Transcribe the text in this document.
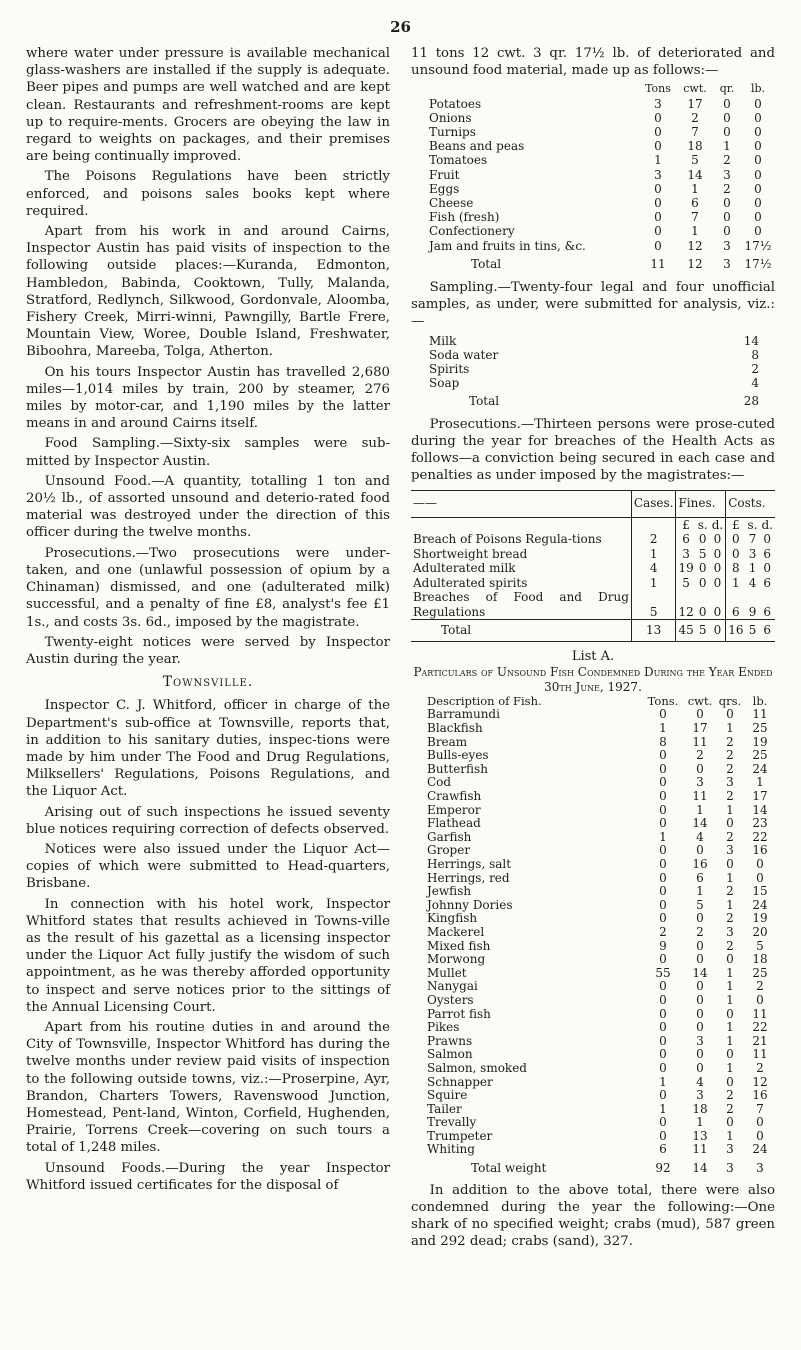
26

where water under pressure is available mechanical glass-washers are installed if the supply is adequate. Beer pipes and pumps are well watched and are kept clean. Restaurants and refreshment-rooms are kept up to require-ments. Grocers are obeying the law in regard to weights on packages, and their premises are being continually improved.

The Poisons Regulations have been strictly enforced, and poisons sales books kept where required.

Apart from his work in and around Cairns, Inspector Austin has paid visits of inspection to the following outside places:—Kuranda, Edmonton, Hambledon, Babinda, Cooktown, Tully, Malanda, Stratford, Redlynch, Silkwood, Gordonvale, Aloomba, Fishery Creek, Mirri-winni, Pawngilly, Bartle Frere, Mountain View, Woree, Double Island, Freshwater, Biboohra, Mareeba, Tolga, Atherton.

On his tours Inspector Austin has travelled 2,680 miles—1,014 miles by train, 200 by steamer, 276 miles by motor-car, and 1,190 miles by the latter means in and around Cairns itself.

Food Sampling.—Sixty-six samples were sub-mitted by Inspector Austin.

Unsound Food.—A quantity, totalling 1 ton and 20½ lb., of assorted unsound and deterio-rated food material was destroyed under the direction of this officer during the twelve months.

Prosecutions.—Two prosecutions were under-taken, and one (unlawful possession of opium by a Chinaman) dismissed, and one (adulterated milk) successful, and a penalty of fine £8, analyst's fee £1 1s., and costs 3s. 6d., imposed by the magistrate.

Twenty-eight notices were served by Inspector Austin during the year.

Townsville.

Inspector C. J. Whitford, officer in charge of the Department's sub-office at Townsville, reports that, in addition to his sanitary duties, inspec-tions were made by him under The Food and Drug Regulations, Milksellers' Regulations, Poisons Regulations, and the Liquor Act.

Arising out of such inspections he issued seventy blue notices requiring correction of defects observed.

Notices were also issued under the Liquor Act—copies of which were submitted to Head-quarters, Brisbane.

In connection with his hotel work, Inspector Whitford states that results achieved in Towns-ville as the result of his gazettal as a licensing inspector under the Liquor Act fully justify the wisdom of such appointment, as he was thereby afforded opportunity to inspect and serve notices prior to the sittings of the Annual Licensing Court.

Apart from his routine duties in and around the City of Townsville, Inspector Whitford has during the twelve months under review paid visits of inspection to the following outside towns, viz.:—Proserpine, Ayr, Brandon, Charters Towers, Ravenswood Junction, Homestead, Pent-land, Winton, Corfield, Hughenden, Prairie, Torrens Creek—covering on such tours a total of 1,248 miles.

Unsound Foods.—During the year Inspector Whitford issued certificates for the disposal of

11 tons 12 cwt. 3 qr. 17½ lb. of deteriorated and unsound food material, made up as follows:—

Tons	cwt.	qr.	lb.
Potatoes	3	17	0	0
Onions	0	2	0	0
Turnips	0	7	0	0
Beans and peas	0	18	1	0
Tomatoes	1	5	2	0
Fruit	3	14	3	0
Eggs	0	1	2	0
Cheese	0	6	0	0
Fish (fresh)	0	7	0	0
Confectionery	0	1	0	0
Jam and fruits in tins, &c.	0	12	3	17½
Total	11	12	3	17½

Sampling.—Twenty-four legal and four unofficial samples, as under, were submitted for analysis, viz.:—

Milk	14
Soda water	8
Spirits	2
Soap	4
Total	28

Prosecutions.—Thirteen persons were prose-cuted during the year for breaches of the Health Acts as follows—a conviction being secured in each case and penalties as under imposed by the magistrates:—

——	Cases.	Fines.			Costs.		
		£	s.	d.	£	s.	d.
Breach of Poisons Regula-tions	2	6	0	0	0	7	0
Shortweight bread	1	3	5	0	0	3	6
Adulterated milk	4	19	0	0	8	1	0
Adulterated spirits	1	5	0	0	1	4	6
Breaches of Food and Drug Regulations	5	12	0	0	6	9	6
Total	13	45	5	0	16	5	6
List A.
Particulars of Unsound Fish Condemned During the Year Ended 30th June, 1927.
Description of Fish.	Tons. cwt. qrs. lb.
Barramundi	0	0	0	11
Blackfish	1	17	1	25
Bream	8	11	2	19
Bulls-eyes	0	2	2	25
Butterfish	0	0	2	24
Cod	0	3	3	1
Crawfish	0	11	2	17
Emperor	0	1	1	14
Flathead	0	14	0	23
Garfish	1	4	2	22
Groper	0	0	3	16
Herrings, salt	0	16	0	0
Herrings, red	0	6	1	0
Jewfish	0	1	2	15
Johnny Dories	0	5	1	24
Kingfish	0	0	2	19
Mackerel	2	2	3	20
Mixed fish	9	0	2	5
Morwong	0	0	0	18
Mullet	55	14	1	25
Nanygai	0	0	1	2
Oysters	0	0	1	0
Parrot fish	0	0	0	11
Pikes	0	0	1	22
Prawns	0	3	1	21
Salmon	0	0	0	11
Salmon, smoked	0	0	1	2
Schnapper	1	4	0	12
Squire	0	3	2	16
Tailer	1	18	2	7
Trevally	0	1	0	0
Trumpeter	0	13	1	0
Whiting	6	11	3	24
Total weight	92	14	3	3

In addition to the above total, there were also condemned during the year the following:—One shark of no specified weight; crabs (mud), 587 green and 292 dead; crabs (sand), 327.
